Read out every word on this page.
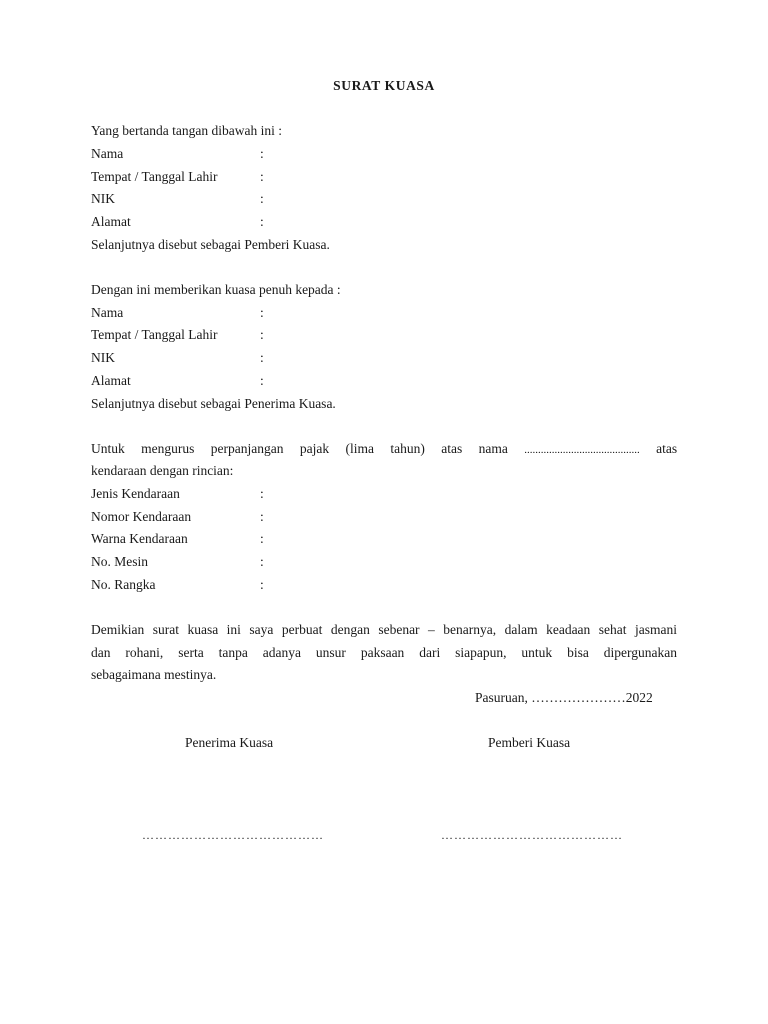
SURAT KUASA
Yang bertanda tangan dibawah ini :
Nama	:
Tempat / Tanggal Lahir	:
NIK	:
Alamat	:
Selanjutnya disebut sebagai Pemberi Kuasa.
Dengan ini memberikan kuasa penuh kepada :
Nama	:
Tempat / Tanggal Lahir	:
NIK	:
Alamat	:
Selanjutnya disebut sebagai Penerima Kuasa.
Untuk mengurus perpanjangan pajak (lima tahun) atas nama .......................................... atas
kendaraan dengan rincian:
Jenis Kendaraan	:
Nomor Kendaraan	:
Warna Kendaraan	:
No. Mesin	:
No. Rangka	:
Demikian surat kuasa ini saya perbuat dengan sebenar – benarnya, dalam keadaan sehat jasmani
dan rohani, serta tanpa adanya unsur paksaan dari siapapun, untuk bisa dipergunakan
sebagaimana mestinya.
Pasuruan, …………………2022
Penerima Kuasa	Pemberi Kuasa
……………………………………	……………………………………
